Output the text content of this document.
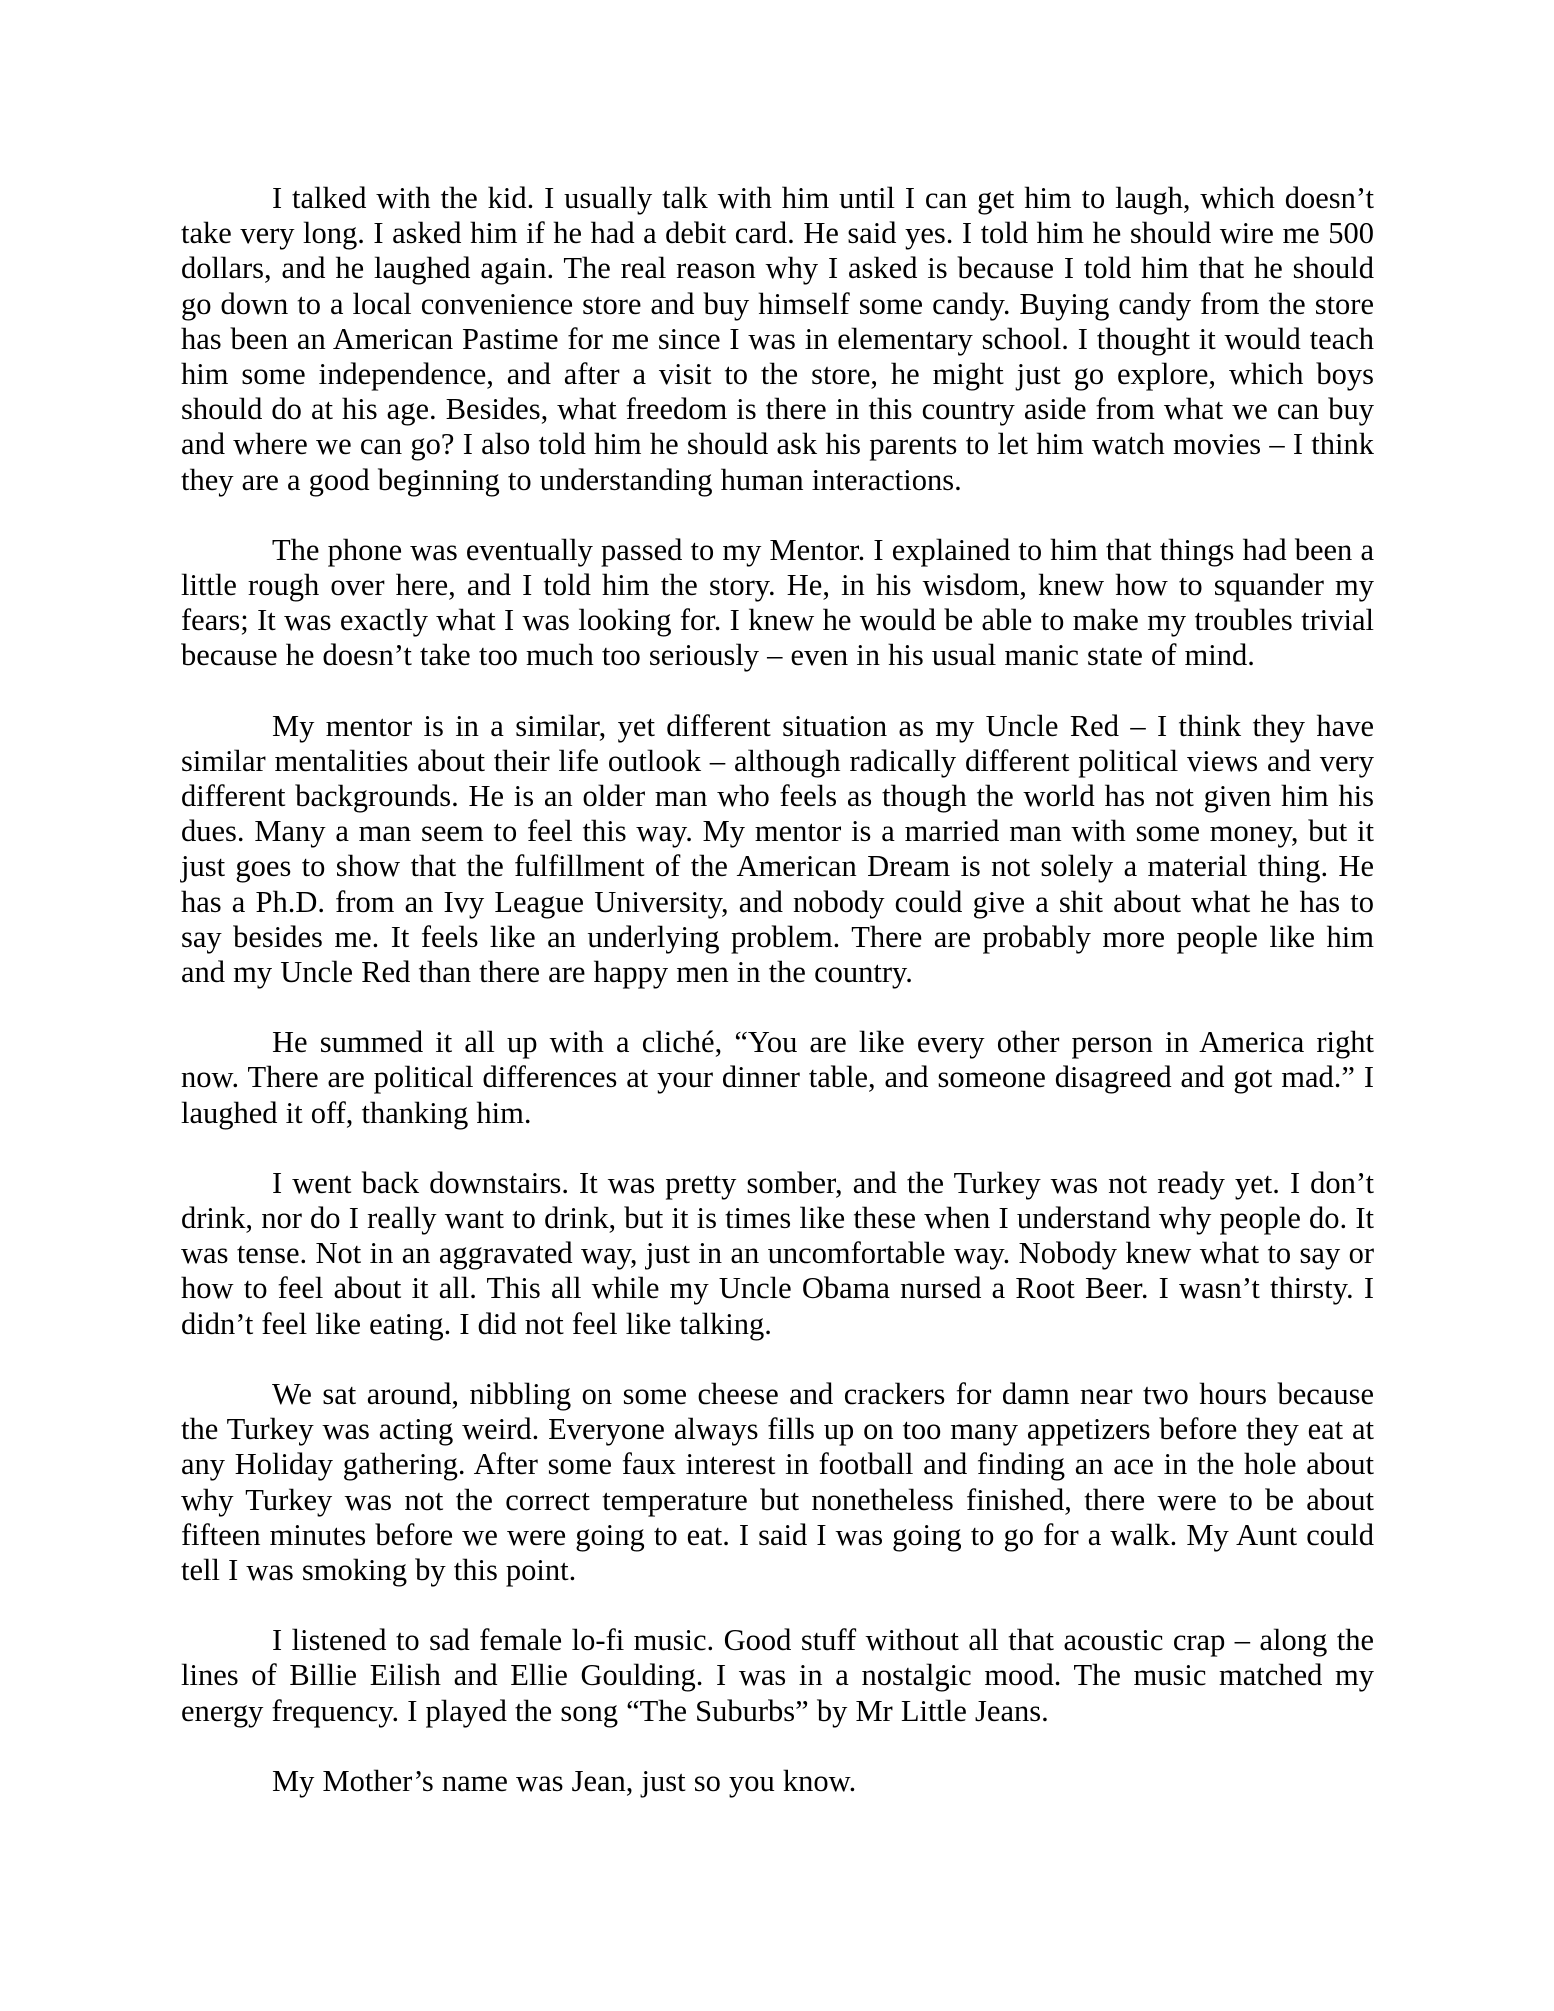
I talked with the kid. I usually talk with him until I can get him to laugh, which doesn’t take very long. I asked him if he had a debit card. He said yes. I told him he should wire me 500 dollars, and he laughed again. The real reason why I asked is because I told him that he should go down to a local convenience store and buy himself some candy. Buying candy from the store has been an American Pastime for me since I was in elementary school. I thought it would teach him some independence, and after a visit to the store, he might just go explore, which boys should do at his age. Besides, what freedom is there in this country aside from what we can buy and where we can go? I also told him he should ask his parents to let him watch movies – I think they are a good beginning to understanding human interactions.

The phone was eventually passed to my Mentor. I explained to him that things had been a little rough over here, and I told him the story. He, in his wisdom, knew how to squander my fears; It was exactly what I was looking for. I knew he would be able to make my troubles trivial because he doesn’t take too much too seriously – even in his usual manic state of mind.

My mentor is in a similar, yet different situation as my Uncle Red – I think they have similar mentalities about their life outlook – although radically different political views and very different backgrounds. He is an older man who feels as though the world has not given him his dues. Many a man seem to feel this way. My mentor is a married man with some money, but it just goes to show that the fulfillment of the American Dream is not solely a material thing. He has a Ph.D. from an Ivy League University, and nobody could give a shit about what he has to say besides me. It feels like an underlying problem. There are probably more people like him and my Uncle Red than there are happy men in the country.

He summed it all up with a cliché, “You are like every other person in America right now. There are political differences at your dinner table, and someone disagreed and got mad.” I laughed it off, thanking him.

I went back downstairs. It was pretty somber, and the Turkey was not ready yet. I don’t drink, nor do I really want to drink, but it is times like these when I understand why people do. It was tense. Not in an aggravated way, just in an uncomfortable way. Nobody knew what to say or how to feel about it all. This all while my Uncle Obama nursed a Root Beer. I wasn’t thirsty. I didn’t feel like eating. I did not feel like talking.

We sat around, nibbling on some cheese and crackers for damn near two hours because the Turkey was acting weird. Everyone always fills up on too many appetizers before they eat at any Holiday gathering. After some faux interest in football and finding an ace in the hole about why Turkey was not the correct temperature but nonetheless finished, there were to be about fifteen minutes before we were going to eat. I said I was going to go for a walk. My Aunt could tell I was smoking by this point.

I listened to sad female lo-fi music. Good stuff without all that acoustic crap – along the lines of Billie Eilish and Ellie Goulding. I was in a nostalgic mood. The music matched my energy frequency. I played the song “The Suburbs” by Mr Little Jeans.

My Mother’s name was Jean, just so you know.
